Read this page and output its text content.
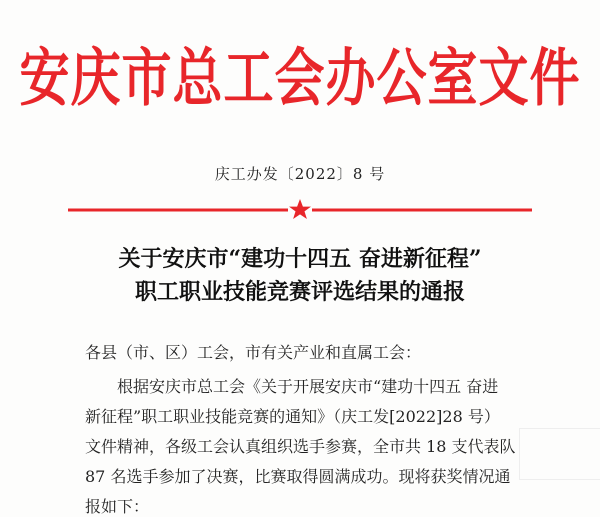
安庆市总工会办公室文件
庆工办发〔2022〕8 号
关于安庆市“建功十四五 奋进新征程”
职工职业技能竞赛评选结果的通报
各县（市、区）工会，市有关产业和直属工会：
　　根据安庆市总工会《关于开展安庆市“建功十四五 奋进
新征程”职工职业技能竞赛的通知》（庆工发[2022]28 号）
文件精神，各级工会认真组织选手参赛，全市共 18 支代表队
87 名选手参加了决赛，比赛取得圆满成功。现将获奖情况通
报如下：
